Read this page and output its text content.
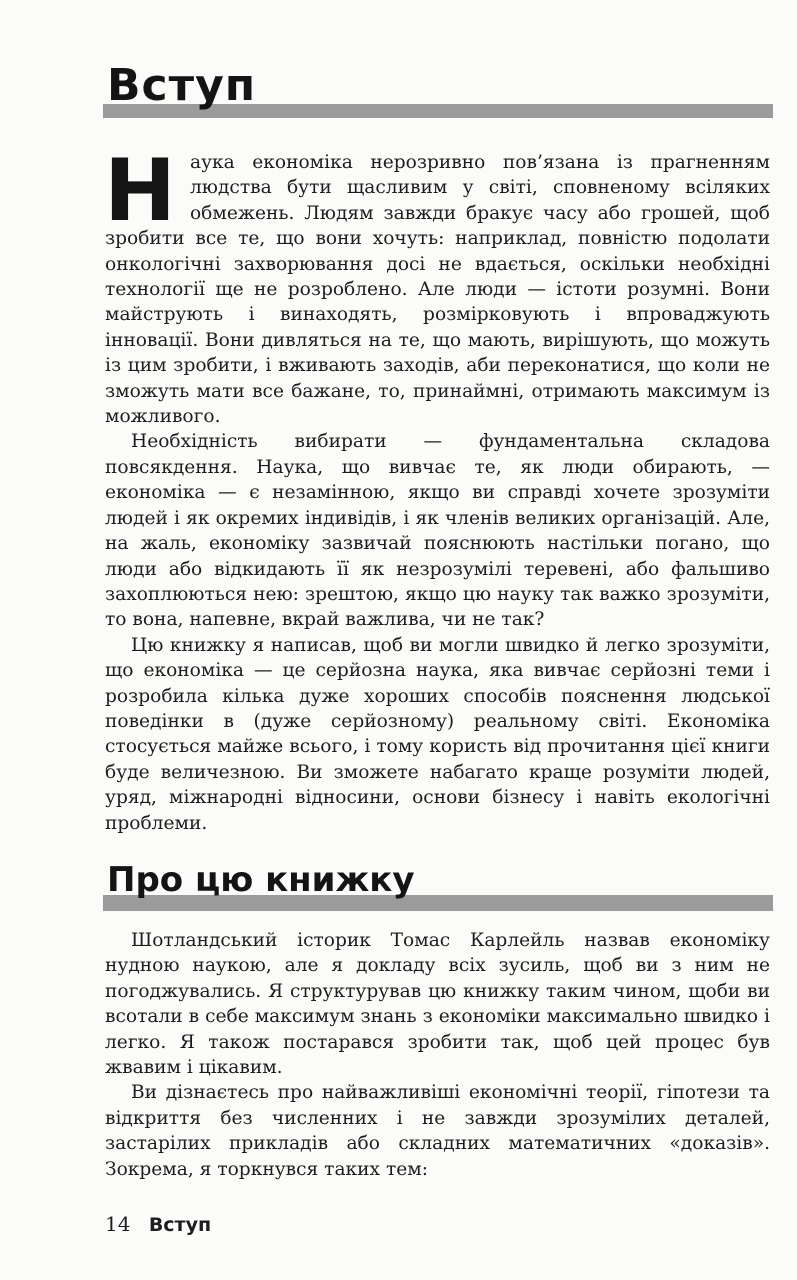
Вступ

Наука економіка нерозривно пов’язана із прагненням людства бути щасливим у світі, сповненому всіляких обмежень. Людям завжди бракує часу або грошей, щоб зробити все те, що вони хочуть: наприклад, повністю подолати онкологічні захворювання досі не вдається, оскільки необхідні технології ще не розроблено. Але люди — істоти розумні. Вони майструють і винаходять, розмірковують і впроваджують інновації. Вони дивляться на те, що мають, вирішують, що можуть із цим зробити, і вживають заходів, аби переконатися, що коли не зможуть мати все бажане, то, принаймні, отримають максимум із можливого.

Необхідність вибирати — фундаментальна складова повсякдення. Наука, що вивчає те, як люди обирають, — економіка — є незамінною, якщо ви справді хочете зрозуміти людей і як окремих індивідів, і як членів великих організацій. Але, на жаль, економіку зазвичай пояснюють настільки погано, що люди або відкидають її як незрозумілі теревені, або фальшиво захоплюються нею: зрештою, якщо цю науку так важко зрозуміти, то вона, напевне, вкрай важлива, чи не так?

Цю книжку я написав, щоб ви могли швидко й легко зрозуміти, що економіка — це серйозна наука, яка вивчає серйозні теми і розробила кілька дуже хороших способів пояснення людської поведінки в (дуже серйозному) реальному світі. Економіка стосується майже всього, і тому користь від прочитання цієї книги буде величезною. Ви зможете набагато краще розуміти людей, уряд, міжнародні відносини, основи бізнесу і навіть екологічні проблеми.

Про цю книжку

Шотландський історик Томас Карлейль назвав економіку нудною наукою, але я докладу всіх зусиль, щоб ви з ним не погоджувались. Я структурував цю книжку таким чином, щоби ви всотали в себе максимум знань з економіки максимально швидко і легко. Я також постарався зробити так, щоб цей процес був жвавим і цікавим.

Ви дізнаєтесь про найважливіші економічні теорії, гіпотези та відкриття без численних і не завжди зрозумілих деталей, застарілих прикладів або складних математичних «доказів». Зокрема, я торкнувся таких тем:

14 Вступ
